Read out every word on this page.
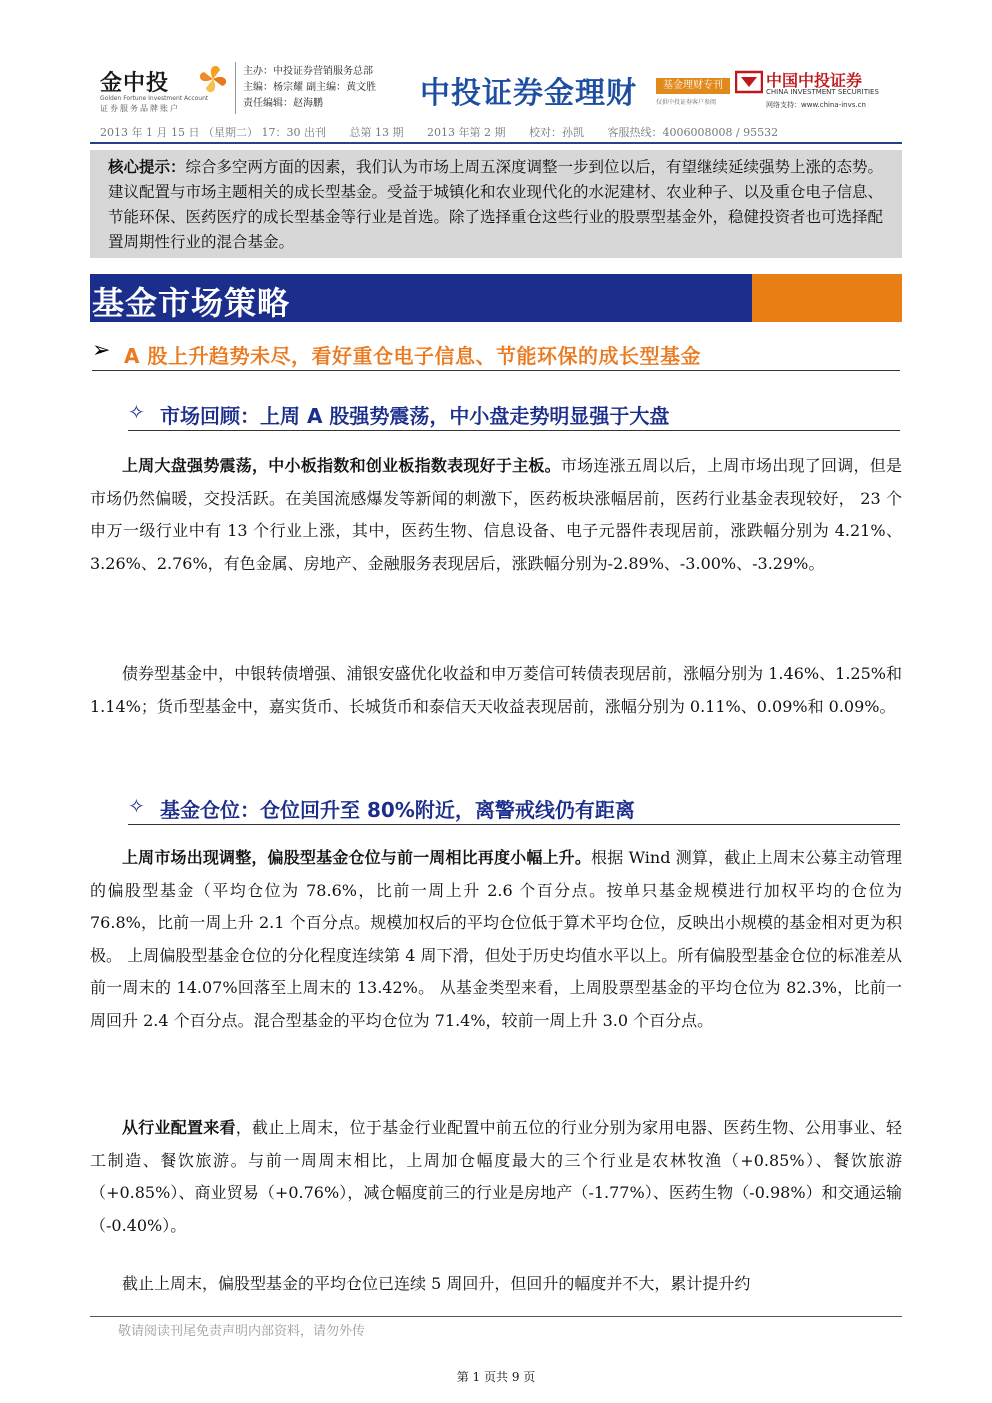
金中投
Golden Fortune Investment Account
证券服务品牌账户
主办：中投证券营销服务总部
主编：杨宗耀 副主编：黄文胜
责任编辑：赵海鹏	中投证券金理财	基金理财专刊
仅供中投证券客户参阅
中国中投证券
CHINA INVESTMENT SECURITIES
网络支持：www.china-invs.cn
2013 年 1 月 15 日 （星期二） 17：30 出刊 总第 13 期 2013 年第 2 期 校对：孙凯 客服热线：4006008008 / 95532
核心提示：综合多空两方面的因素，我们认为市场上周五深度调整一步到位以后，有望继续延续强势上涨的态势。建议配置与市场主题相关的成长型基金。受益于城镇化和农业现代化的水泥建材、农业种子、以及重仓电子信息、节能环保、医药医疗的成长型基金等行业是首选。除了选择重仓这些行业的股票型基金外，稳健投资者也可选择配置周期性行业的混合基金。
基金市场策略
➢ A 股上升趋势未尽，看好重仓电子信息、节能环保的成长型基金
✧ 市场回顾：上周 A 股强势震荡，中小盘走势明显强于大盘
上周大盘强势震荡，中小板指数和创业板指数表现好于主板。市场连涨五周以后，上周市场出现了回调，但是市场仍然偏暖，交投活跃。在美国流感爆发等新闻的刺激下，医药板块涨幅居前，医药行业基金表现较好， 23 个申万一级行业中有 13 个行业上涨，其中，医药生物、信息设备、电子元器件表现居前，涨跌幅分别为 4.21%、3.26%、2.76%，有色金属、房地产、金融服务表现居后，涨跌幅分别为-2.89%、-3.00%、-3.29%。
债券型基金中，中银转债增强、浦银安盛优化收益和申万菱信可转债表现居前，涨幅分别为 1.46%、1.25%和 1.14%；货币型基金中，嘉实货币、长城货币和泰信天天收益表现居前，涨幅分别为 0.11%、0.09%和 0.09%。
✧ 基金仓位：仓位回升至 80%附近，离警戒线仍有距离
上周市场出现调整，偏股型基金仓位与前一周相比再度小幅上升。根据 Wind 测算，截止上周末公募主动管理的偏股型基金（平均仓位为 78.6%，比前一周上升 2.6 个百分点。按单只基金规模进行加权平均的仓位为 76.8%，比前一周上升 2.1 个百分点。规模加权后的平均仓位低于算术平均仓位，反映出小规模的基金相对更为积极。 上周偏股型基金仓位的分化程度连续第 4 周下滑，但处于历史均值水平以上。所有偏股型基金仓位的标准差从前一周末的 14.07%回落至上周末的 13.42%。 从基金类型来看，上周股票型基金的平均仓位为 82.3%，比前一周回升 2.4 个百分点。混合型基金的平均仓位为 71.4%，较前一周上升 3.0 个百分点。
从行业配置来看，截止上周末，位于基金行业配置中前五位的行业分别为家用电器、医药生物、公用事业、轻工制造、餐饮旅游。与前一周周末相比，上周加仓幅度最大的三个行业是农林牧渔（+0.85%）、餐饮旅游（+0.85%）、商业贸易（+0.76%），减仓幅度前三的行业是房地产（-1.77%）、医药生物（-0.98%）和交通运输（-0.40%）。
截止上周末，偏股型基金的平均仓位已连续 5 周回升，但回升的幅度并不大，累计提升约
敬请阅读刊尾免责声明内部资料，请勿外传
第 1 页共 9 页
